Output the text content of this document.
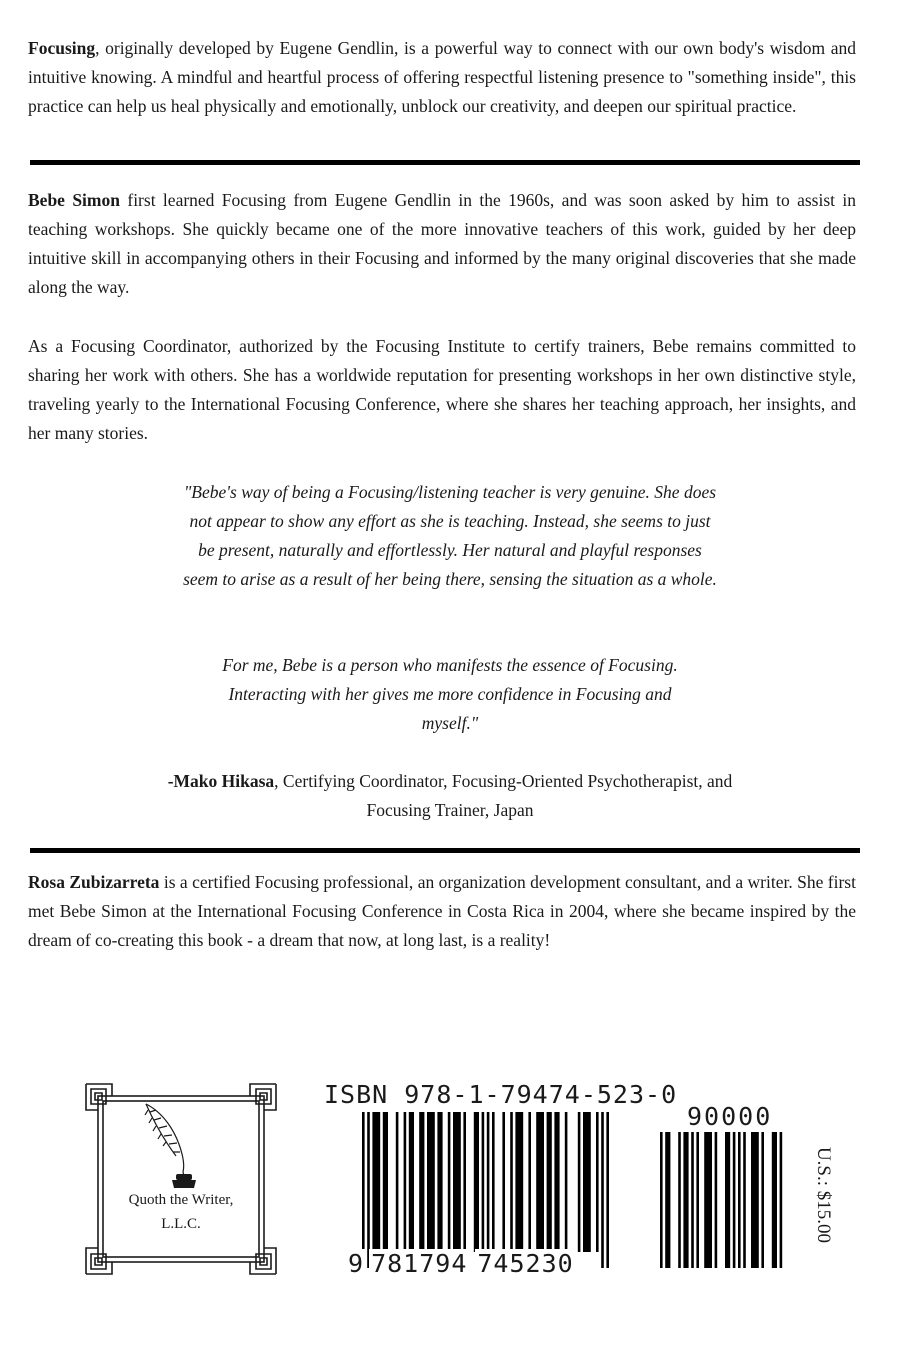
Focusing, originally developed by Eugene Gendlin, is a powerful way to connect with our own body's wisdom and intuitive knowing. A mindful and heartful process of offering respectful listening presence to "something inside", this practice can help us heal physically and emotionally, unblock our creativity, and deepen our spiritual practice.

Bebe Simon first learned Focusing from Eugene Gendlin in the 1960s, and was soon asked by him to assist in teaching workshops. She quickly became one of the more innovative teachers of this work, guided by her deep intuitive skill in accompanying others in their Focusing and informed by the many original discoveries that she made along the way.

As a Focusing Coordinator, authorized by the Focusing Institute to certify trainers, Bebe remains committed to sharing her work with others. She has a worldwide reputation for presenting workshops in her own distinctive style, traveling yearly to the International Focusing Conference, where she shares her teaching approach, her insights, and her many stories.

"Bebe's way of being a Focusing/listening teacher is very genuine. She does not appear to show any effort as she is teaching. Instead, she seems to just be present, naturally and effortlessly. Her natural and playful responses seem to arise as a result of her being there, sensing the situation as a whole.

For me, Bebe is a person who manifests the essence of Focusing. Interacting with her gives me more confidence in Focusing and myself."

-Mako Hikasa, Certifying Coordinator, Focusing-Oriented Psychotherapist, and Focusing Trainer, Japan

Rosa Zubizarreta is a certified Focusing professional, an organization development consultant, and a writer. She first met Bebe Simon at the International Focusing Conference in Costa Rica in 2004, where she became inspired by the dream of co-creating this book - a dream that now, at long last, is a reality!

Quoth the Writer,
L.L.C.
ISBN 978-1-79474-523-0
90000
9 781794 745230
U.S.: $15.00
